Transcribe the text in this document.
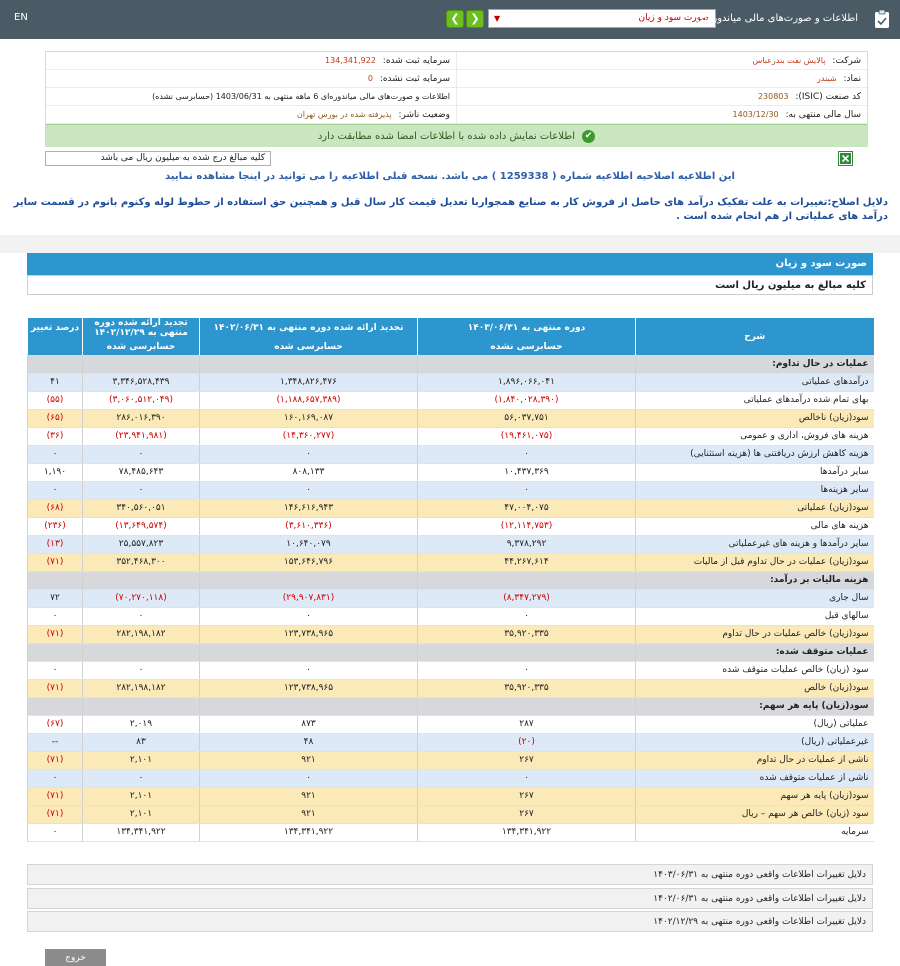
EN	❮ ❯	صورت سود و زیان
▼	اطلاعات و صورت‌های مالی میاندوره‌ای
شرکت: پالایش نفت بندرعباس
سرمایه ثبت شده: 134,341,922
نماد: شبندر
سرمایه ثبت نشده: 0
کد صنعت (ISIC): 230803
اطلاعات و صورت‌های مالی میاندوره‌ای 6 ماهه منتهی به 1403/06/31 (حسابرسی نشده)
سال مالی منتهی به: 1403/12/30
وضعیت ناشر: پذیرفته شده در بورس تهران
✔ اطلاعات نمایش داده شده با اطلاعات امضا شده مطابقت دارد
کلیه مبالغ درج شده به میلیون ریال می باشد
این اطلاعیه اصلاحیه اطلاعیه شماره ( 1259338 ) می باشد. نسخه قبلی اطلاعیه را می توانید در اینجا مشاهده نمایید
دلایل اصلاح:تغییرات به علت تفکیک درآمد های حاصل از فروش کار به صنایع همجواربا تعدیل قیمت کار سال قبل و همچنین حق استفاده از حطوط لوله وکنوم بانوم در قسمت سایر درآمد های عملیاتی از هم انجام شده است .
صورت سود و زیان
کلیه مبالغ به میلیون ریال است
شرح	دوره منتهی به ۱۴۰۳/۰۶/۳۱	تجدید ارائه شده دوره منتهی به ۱۴۰۲/۰۶/۳۱	تجدید ارائه شده دوره منتهی به ۱۴۰۲/۱۲/۲۹	درصد تغییر
	حسابرسی نشده	حسابرسی شده	حسابرسی شده	
عملیات در حال تداوم:				
درآمدهای عملیاتی	۱,۸۹۶,۰۶۶,۰۴۱	۱,۳۴۸,۸۲۶,۴۷۶	۳,۳۴۶,۵۲۸,۴۳۹	۴۱
بهای تمام شده درآمدهای عملیاتی	(۱,۸۴۰,۰۲۸,۳۹۰)	(۱,۱۸۸,۶۵۷,۳۸۹)	(۳,۰۶۰,۵۱۲,۰۴۹)	(۵۵)
سود(زیان) ناخالص	۵۶,۰۳۷,۷۵۱	۱۶۰,۱۶۹,۰۸۷	۲۸۶,۰۱۶,۳۹۰	(۶۵)
هزینه های فروش، اداری و عمومی	(۱۹,۴۶۱,۰۷۵)	(۱۴,۳۶۰,۲۷۷)	(۲۳,۹۴۱,۹۸۱)	(۳۶)
هزینه کاهش ارزش دریافتنی ها (هزینه استثنایی)	۰	۰	۰	۰
سایر درآمدها	۱۰,۴۳۷,۳۶۹	۸۰۸,۱۳۳	۷۸,۴۸۵,۶۴۳	۱,۱۹۰
سایر هزینه‌ها	۰	۰	۰	۰
سود(زیان) عملیاتی	۴۷,۰۰۴,۰۷۵	۱۴۶,۶۱۶,۹۴۳	۳۴۰,۵۶۰,۰۵۱	(۶۸)
هزینه های مالی	(۱۲,۱۱۴,۷۵۳)	(۳,۶۱۰,۳۳۶)	(۱۳,۶۴۹,۵۷۴)	(۲۳۶)
سایر درآمدها و هزینه های غیرعملیاتی	۹,۳۷۸,۲۹۲	۱۰,۶۴۰,۰۷۹	۲۵,۵۵۷,۸۲۳	(۱۳)
سود(زیان) عملیات در حال تداوم قبل از مالیات	۴۴,۲۶۷,۶۱۴	۱۵۳,۶۴۶,۷۹۶	۳۵۲,۴۶۸,۳۰۰	(۷۱)
هزینه مالیات بر درآمد:				
سال جاری	(۸,۳۴۷,۲۷۹)	(۲۹,۹۰۷,۸۳۱)	(۷۰,۲۷۰,۱۱۸)	۷۲
سالهای قبل	۰	۰	۰	۰
سود(زیان) خالص عملیات در حال تداوم	۳۵,۹۲۰,۳۳۵	۱۲۳,۷۳۸,۹۶۵	۲۸۲,۱۹۸,۱۸۲	(۷۱)
عملیات متوقف شده:				
سود (زیان) خالص عملیات متوقف شده	۰	۰	۰	۰
سود(زیان) خالص	۳۵,۹۲۰,۳۳۵	۱۲۳,۷۳۸,۹۶۵	۲۸۲,۱۹۸,۱۸۲	(۷۱)
سود(زیان) پایه هر سهم:				
عملیاتی (ریال)	۲۸۷	۸۷۳	۲,۰۱۹	(۶۷)
غیرعملیاتی (ریال)	(۲۰)	۴۸	۸۳	--
ناشی از عملیات در حال تداوم	۲۶۷	۹۲۱	۲,۱۰۱	(۷۱)
ناشی از عملیات متوقف شده	۰	۰	۰	۰
سود(زیان) پایه هر سهم	۲۶۷	۹۲۱	۲,۱۰۱	(۷۱)
سود (زیان) خالص هر سهم – ریال	۲۶۷	۹۲۱	۲,۱۰۱	(۷۱)
سرمایه	۱۳۴,۳۴۱,۹۲۲	۱۳۴,۳۴۱,۹۲۲	۱۳۴,۳۴۱,۹۲۲	۰
دلایل تغییرات اطلاعات واقعی دوره منتهی به ۱۴۰۳/۰۶/۳۱
دلایل تغییرات اطلاعات واقعی دوره منتهی به ۱۴۰۲/۰۶/۳۱
دلایل تغییرات اطلاعات واقعی دوره منتهی به ۱۴۰۲/۱۲/۲۹
خروج
